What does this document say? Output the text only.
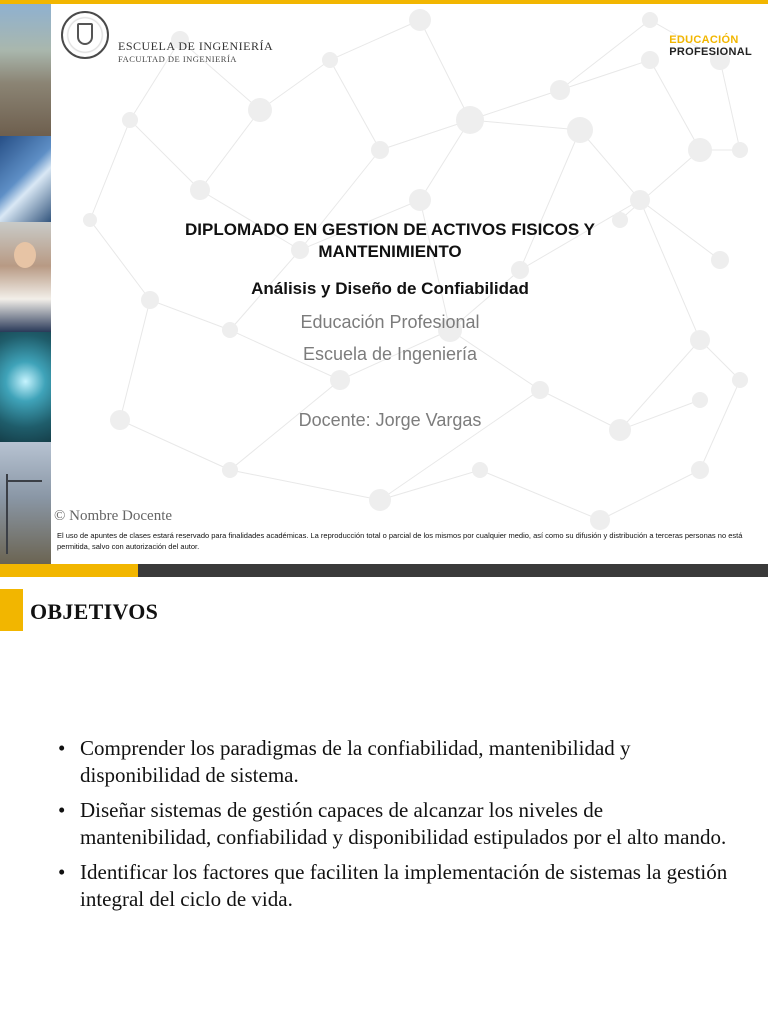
ESCUELA DE INGENIERÍA
FACULTAD DE INGENIERÍA
EDUCACIÓN
PROFESIONAL
DIPLOMADO EN GESTION DE ACTIVOS FISICOS Y MANTENIMIENTO
Análisis y Diseño de Confiabilidad
Educación Profesional
Escuela de Ingeniería
Docente: Jorge Vargas
© Nombre Docente
El uso de apuntes de clases estará reservado para finalidades académicas. La reproducción total o parcial de los mismos por cualquier medio, así como su difusión y distribución a terceras personas no está permitida, salvo con autorización del autor.
OBJETIVOS
• Comprender los paradigmas de la confiabilidad, mantenibilidad y disponibilidad de sistema.
• Diseñar sistemas de gestión capaces de alcanzar los niveles de mantenibilidad, confiabilidad y disponibilidad estipulados por el alto mando.
• Identificar los factores que faciliten la implementación de sistemas la gestión integral del ciclo de vida.
